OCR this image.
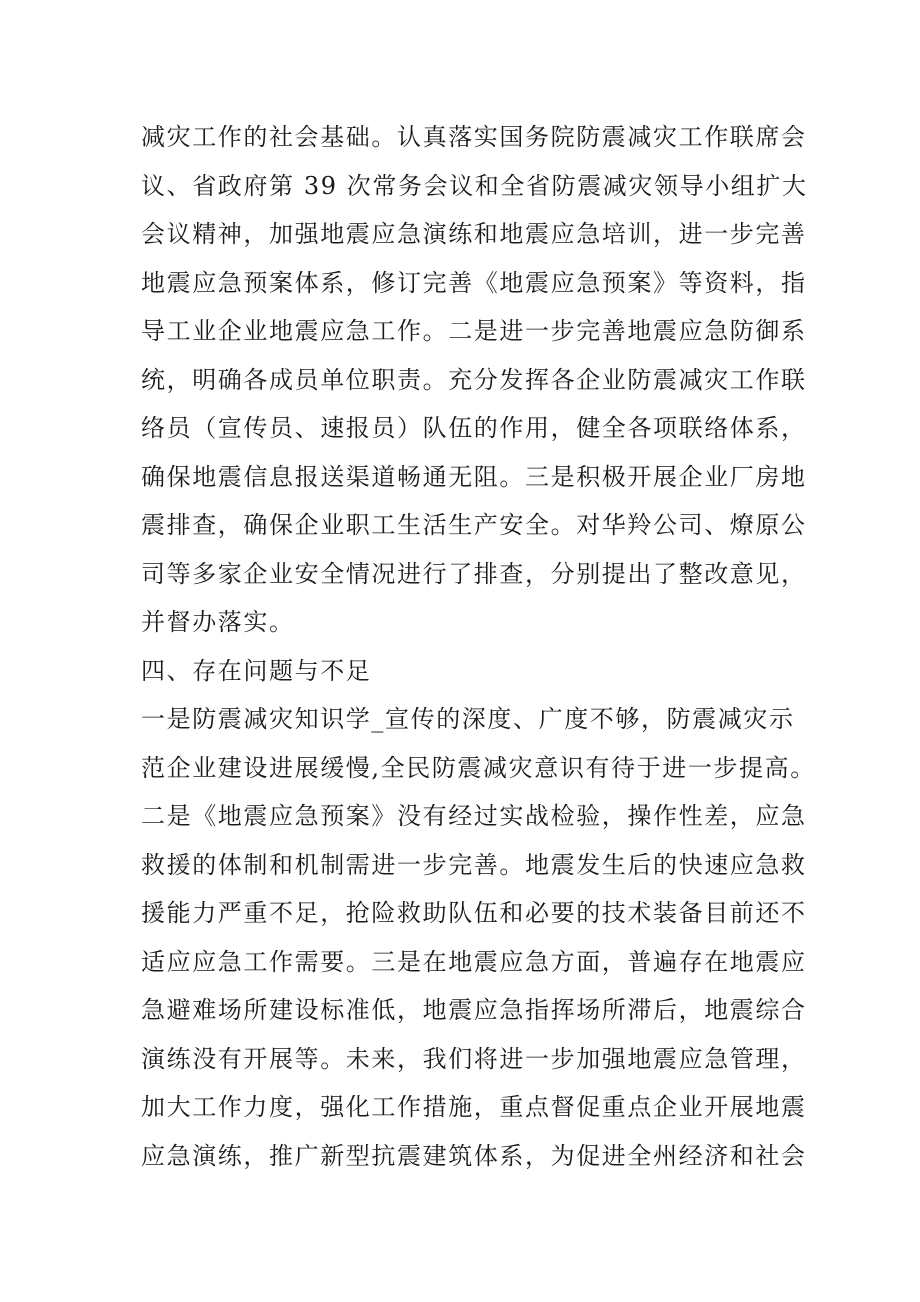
减灾工作的社会基础。认真落实国务院防震减灾工作联席会
议、省政府第 39 次常务会议和全省防震减灾领导小组扩大
会议精神，加强地震应急演练和地震应急培训，进一步完善
地震应急预案体系，修订完善《地震应急预案》等资料，指
导工业企业地震应急工作。二是进一步完善地震应急防御系
统，明确各成员单位职责。充分发挥各企业防震减灾工作联
络员（宣传员、速报员）队伍的作用，健全各项联络体系，
确保地震信息报送渠道畅通无阻。三是积极开展企业厂房地
震排查，确保企业职工生活生产安全。对华羚公司、燎原公
司等多家企业安全情况进行了排查，分别提出了整改意见，
并督办落实。
四、存在问题与不足
一是防震减灾知识学_宣传的深度、广度不够，防震减灾示
范企业建设进展缓慢,全民防震减灾意识有待于进一步提高。
二是《地震应急预案》没有经过实战检验，操作性差，应急
救援的体制和机制需进一步完善。地震发生后的快速应急救
援能力严重不足，抢险救助队伍和必要的技术装备目前还不
适应应急工作需要。三是在地震应急方面，普遍存在地震应
急避难场所建设标准低，地震应急指挥场所滞后，地震综合
演练没有开展等。未来，我们将进一步加强地震应急管理，
加大工作力度，强化工作措施，重点督促重点企业开展地震
应急演练，推广新型抗震建筑体系，为促进全州经济和社会
